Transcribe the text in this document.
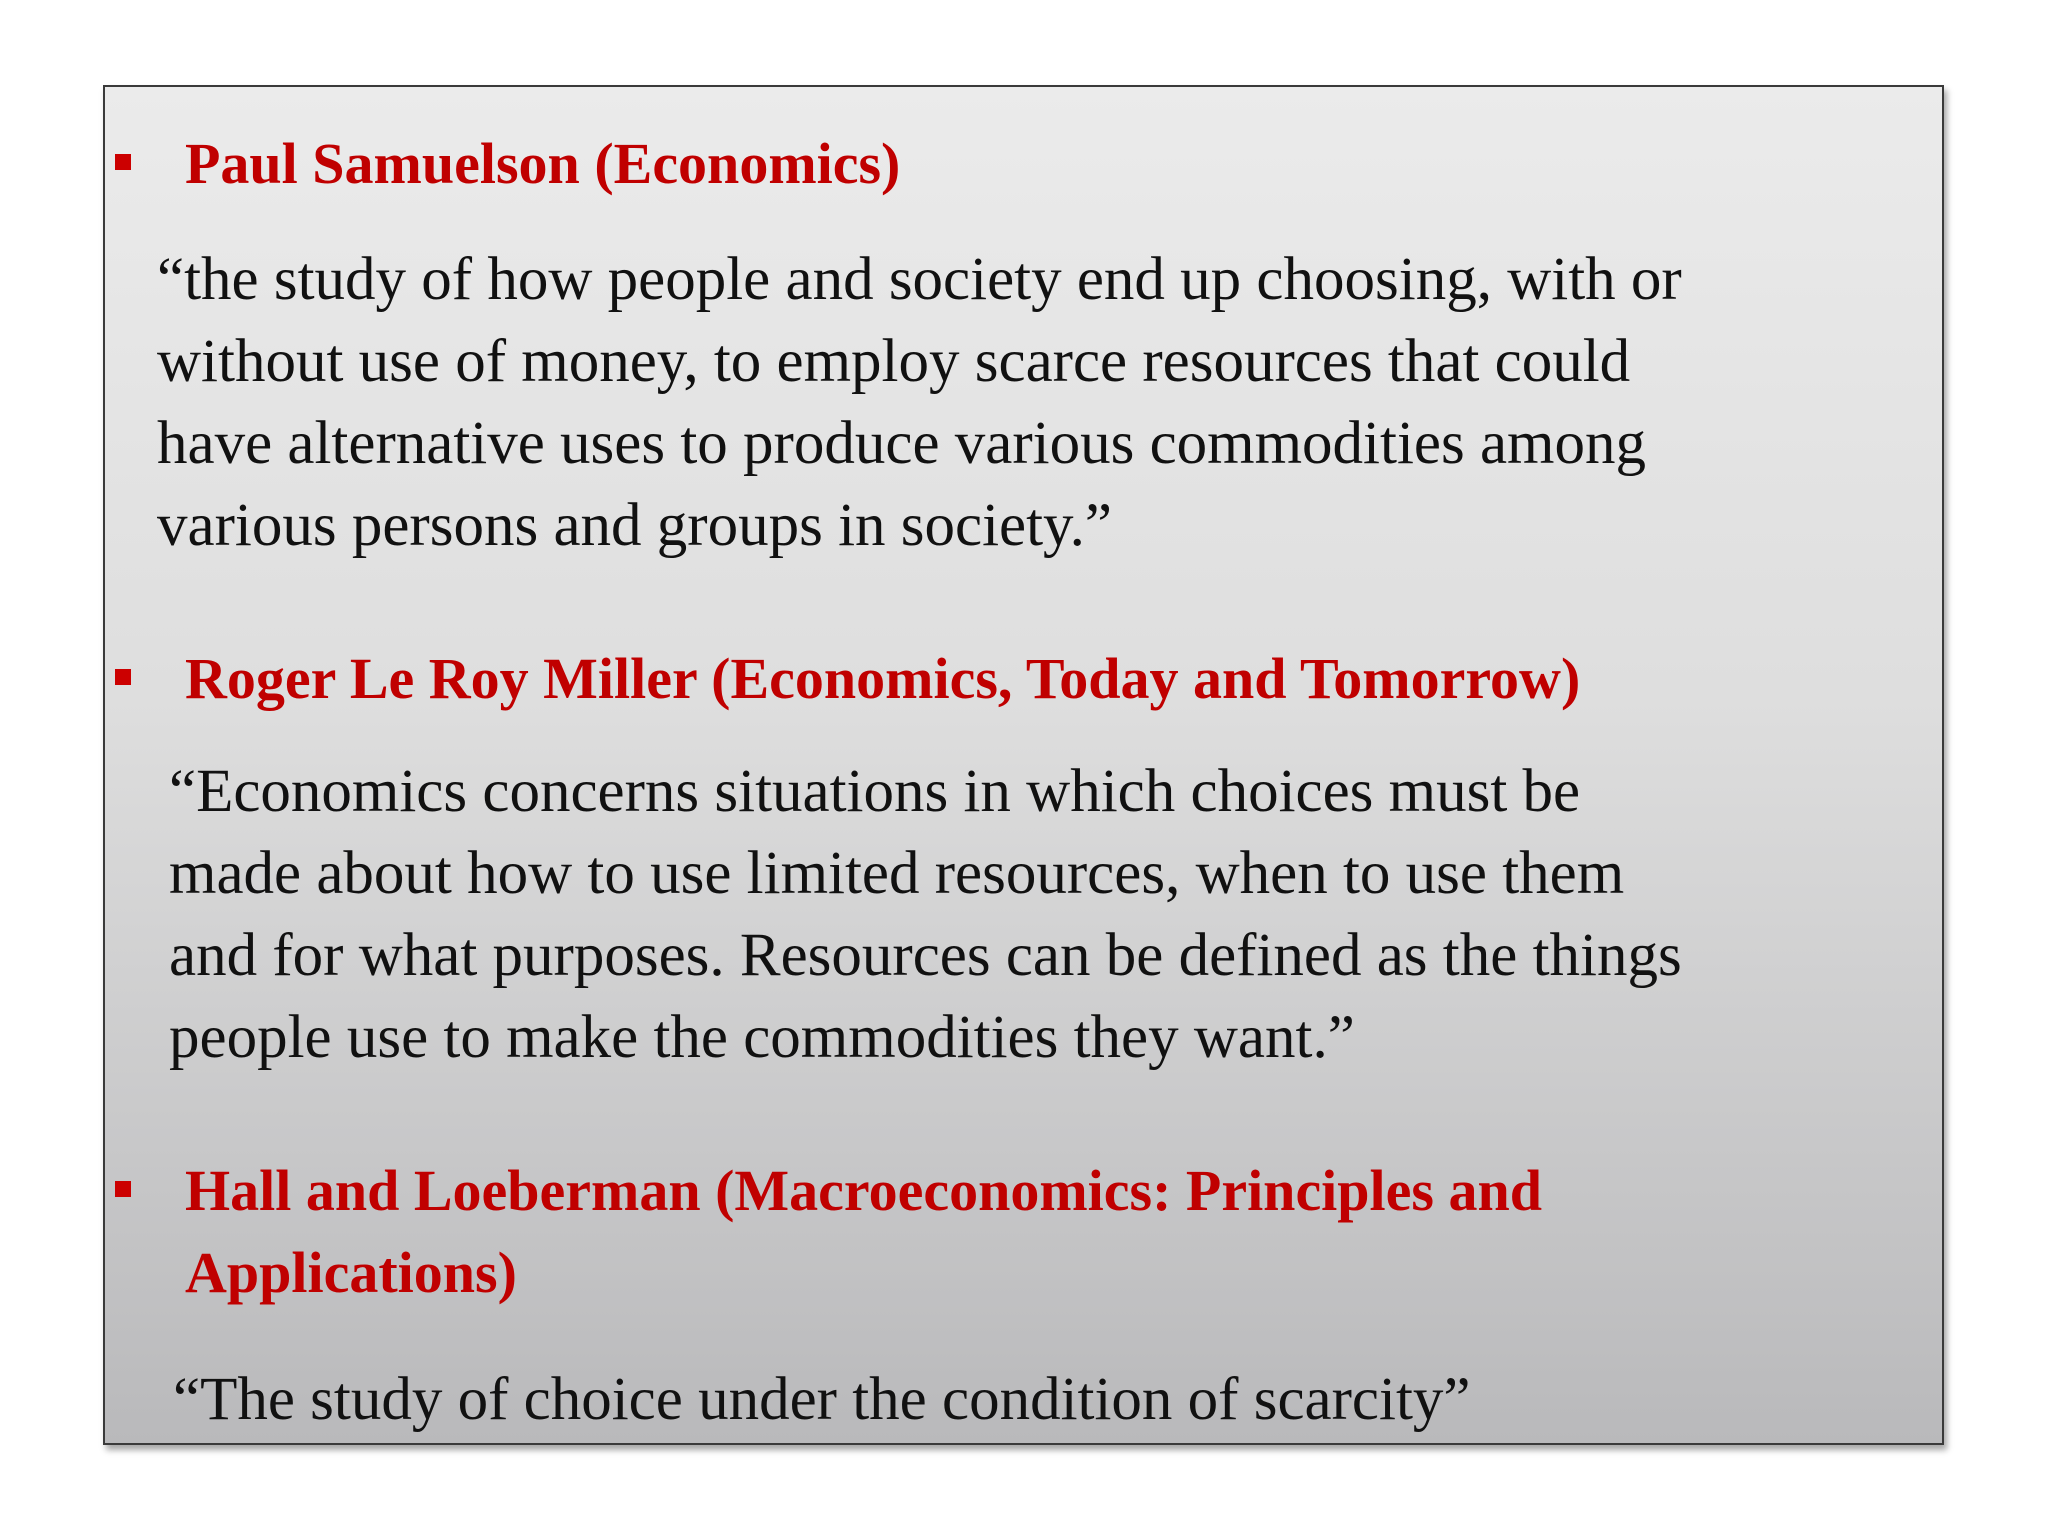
Paul Samuelson (Economics)

“the study of how people and society end up choosing, with or
without use of money, to employ scarce resources that could
have alternative uses to produce various commodities among
various persons and groups in society.”

Roger Le Roy Miller (Economics, Today and Tomorrow)

“Economics concerns situations in which choices must be
made about how to use limited resources, when to use them
and for what purposes. Resources can be defined as the things
people use to make the commodities they want.”

Hall and Loeberman (Macroeconomics: Principles and
Applications)

“The study of choice under the condition of scarcity”
